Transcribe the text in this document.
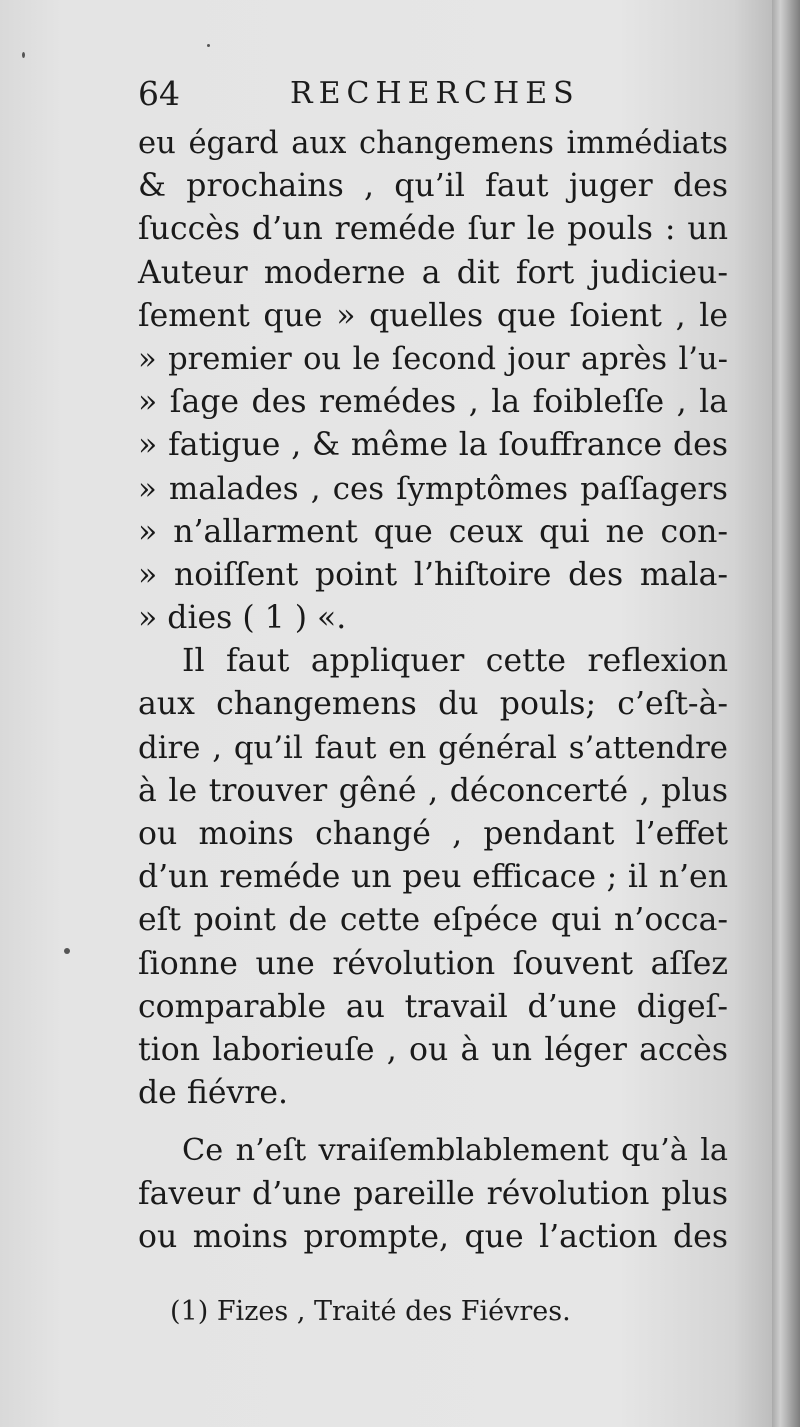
64	RECHERCHES
eu égard aux changemens immédiats
& prochains , qu’il faut juger des
ſuccès d’un reméde ſur le pouls : un
Auteur moderne a dit fort judicieu-
ſement que » quelles que ſoient , le
» premier ou le ſecond jour après l’u-
» ſage des remédes , la foibleſſe , la
» fatigue , & même la ſouffrance des
» malades , ces ſymptômes paſſagers
» n’allarment que ceux qui ne con-
» noiſſent point l’hiſtoire des mala-
» dies ( 1 ) «.
Il faut appliquer cette reflexion
aux changemens du pouls; c’eſt-à-
dire , qu’il faut en général s’attendre
à le trouver gêné , déconcerté , plus
ou moins changé , pendant l’effet
d’un reméde un peu efficace ; il n’en
eſt point de cette eſpéce qui n’occa-
ſionne une révolution ſouvent aſſez
comparable au travail d’une digeſ-
tion laborieuſe , ou à un léger accès
de fiévre.
Ce n’eſt vraiſemblablement qu’à la
faveur d’une pareille révolution plus
ou moins prompte, que l’action des
(1) Fizes , Traité des Fiévres.
